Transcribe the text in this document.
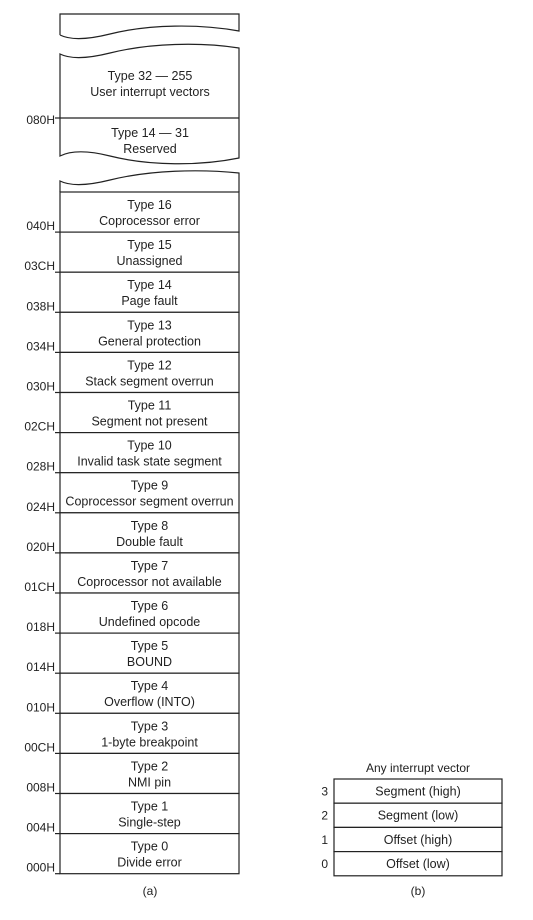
Type 32 — 255
User interrupt vectors
Type 14 — 31
Reserved
080H
Type 16
Coprocessor error
040H
Type 15
Unassigned
03CH
Type 14
Page fault
038H
Type 13
General protection
034H
Type 12
Stack segment overrun
030H
Type 11
Segment not present
02CH
Type 10
Invalid task state segment
028H
Type 9
Coprocessor segment overrun
024H
Type 8
Double fault
020H
Type 7
Coprocessor not available
01CH
Type 6
Undefined opcode
018H
Type 5
BOUND
014H
Type 4
Overflow (INTO)
010H
Type 3
1-byte breakpoint
00CH
Type 2
NMI pin
008H
Type 1
Single-step
004H
Type 0
Divide error
000H
(a)
Any interrupt vector
Segment (high)
3
Segment (low)
2
Offset (high)
1
Offset (low)
0
(b)
